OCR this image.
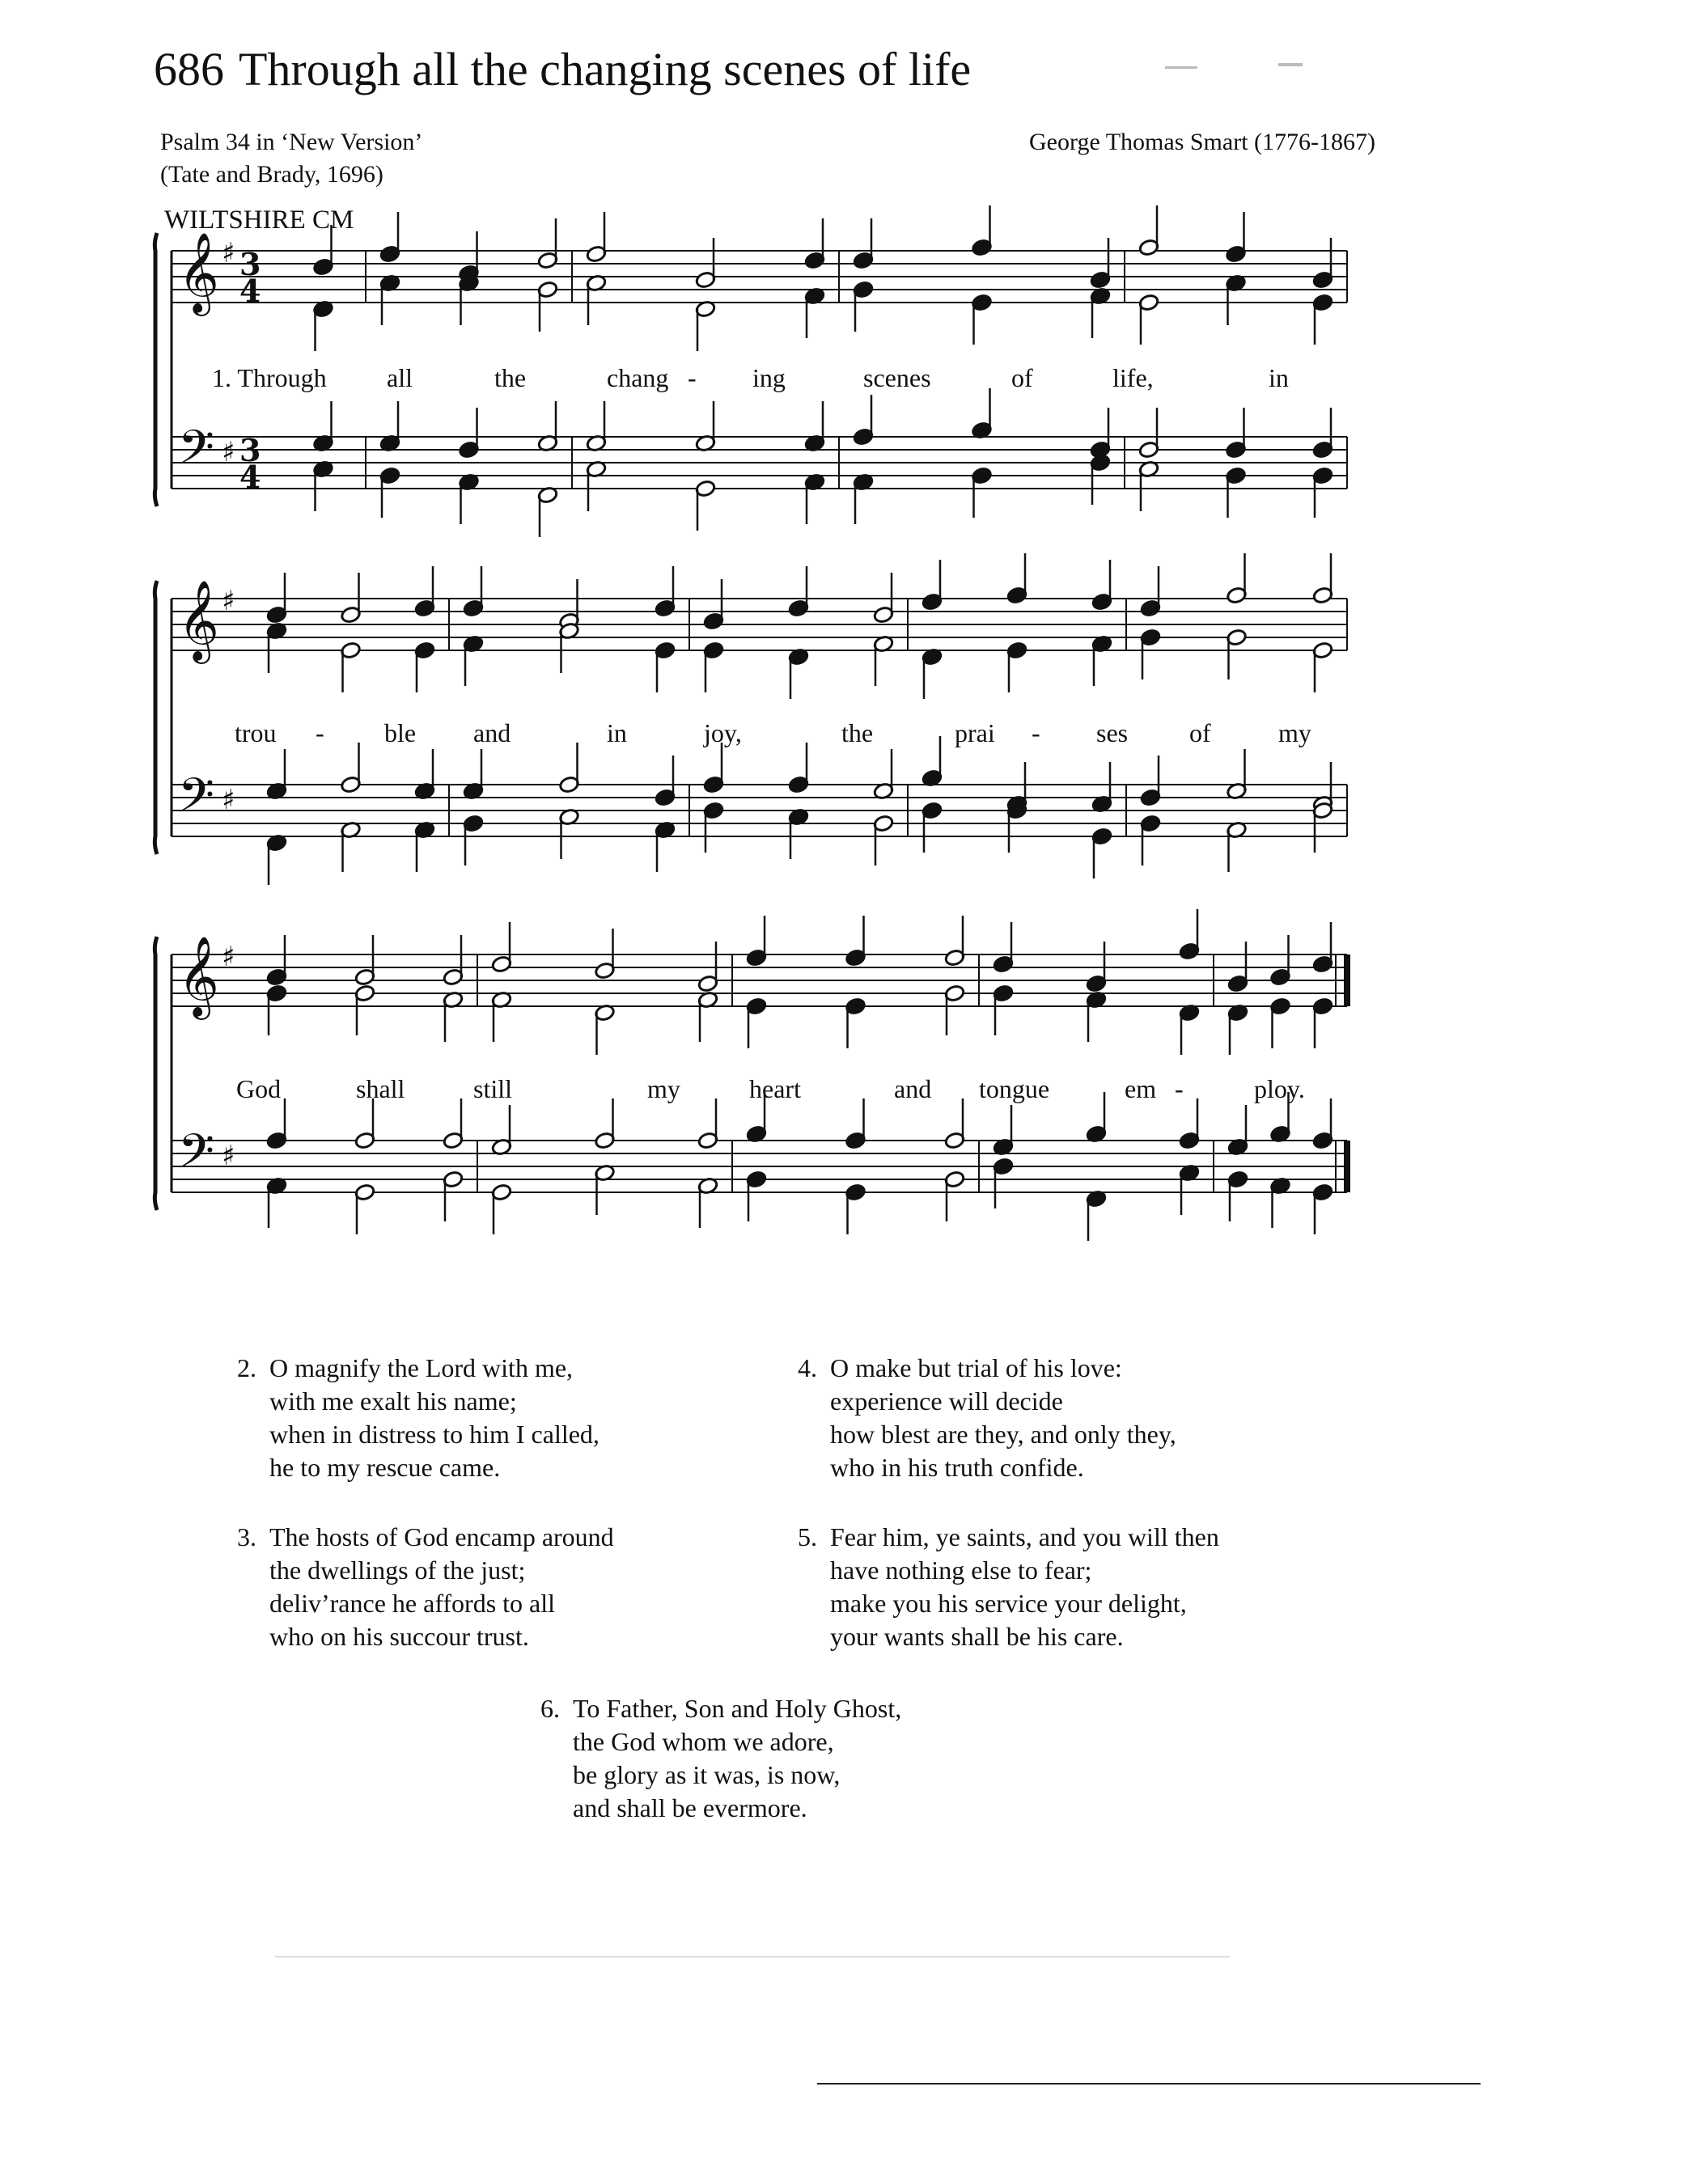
686 Through all the changing scenes of life
Psalm 34 in ‘New Version’
(Tate and Brady, 1696)
George Thomas Smart (1776-1867)
WILTSHIRE CM
𝄞
𝄢
♯
♯
3
4
3
4
1. Through all	the	chang - ing	scenes	of	life,	in
𝄞
𝄢
♯
♯
trou - ble and	in	joy,	the	prai - ses of	my
𝄞
𝄢
♯
♯
God	shall	still	my	heart	and tongue	em -	ploy.
2. O magnify the Lord with me,
with me exalt his name;
when in distress to him I called,
he to my rescue came.
3. The hosts of God encamp around
the dwellings of the just;
deliv’rance he affords to all
who on his succour trust.
4. O make but trial of his love:
experience will decide
how blest are they, and only they,
who in his truth confide.
5. Fear him, ye saints, and you will then
have nothing else to fear;
make you his service your delight,
your wants shall be his care.
6. To Father, Son and Holy Ghost,
the God whom we adore,
be glory as it was, is now,
and shall be evermore.
